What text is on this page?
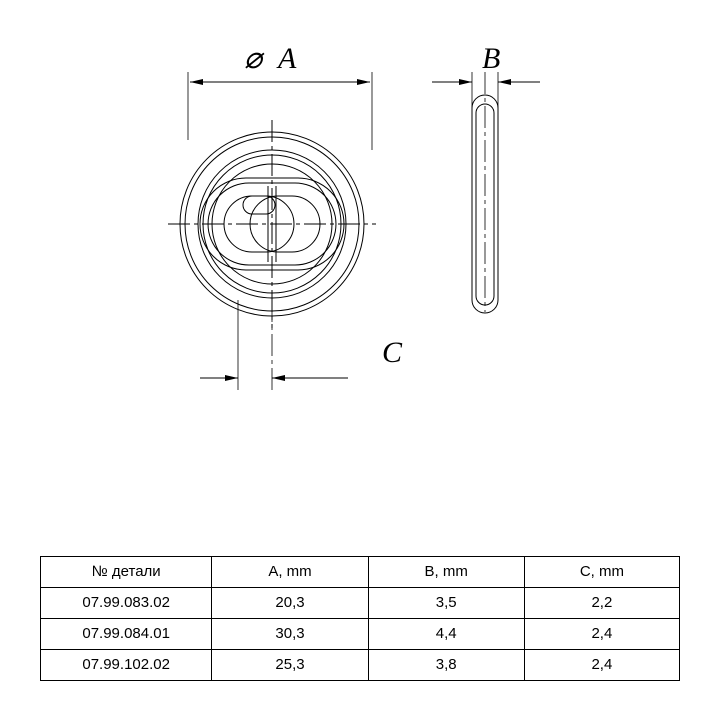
⌀ A	B
C
№ детали	A, mm	B, mm	C, mm
07.99.083.02	20,3	3,5	2,2
07.99.084.01	30,3	4,4	2,4
07.99.102.02	25,3	3,8	2,4
